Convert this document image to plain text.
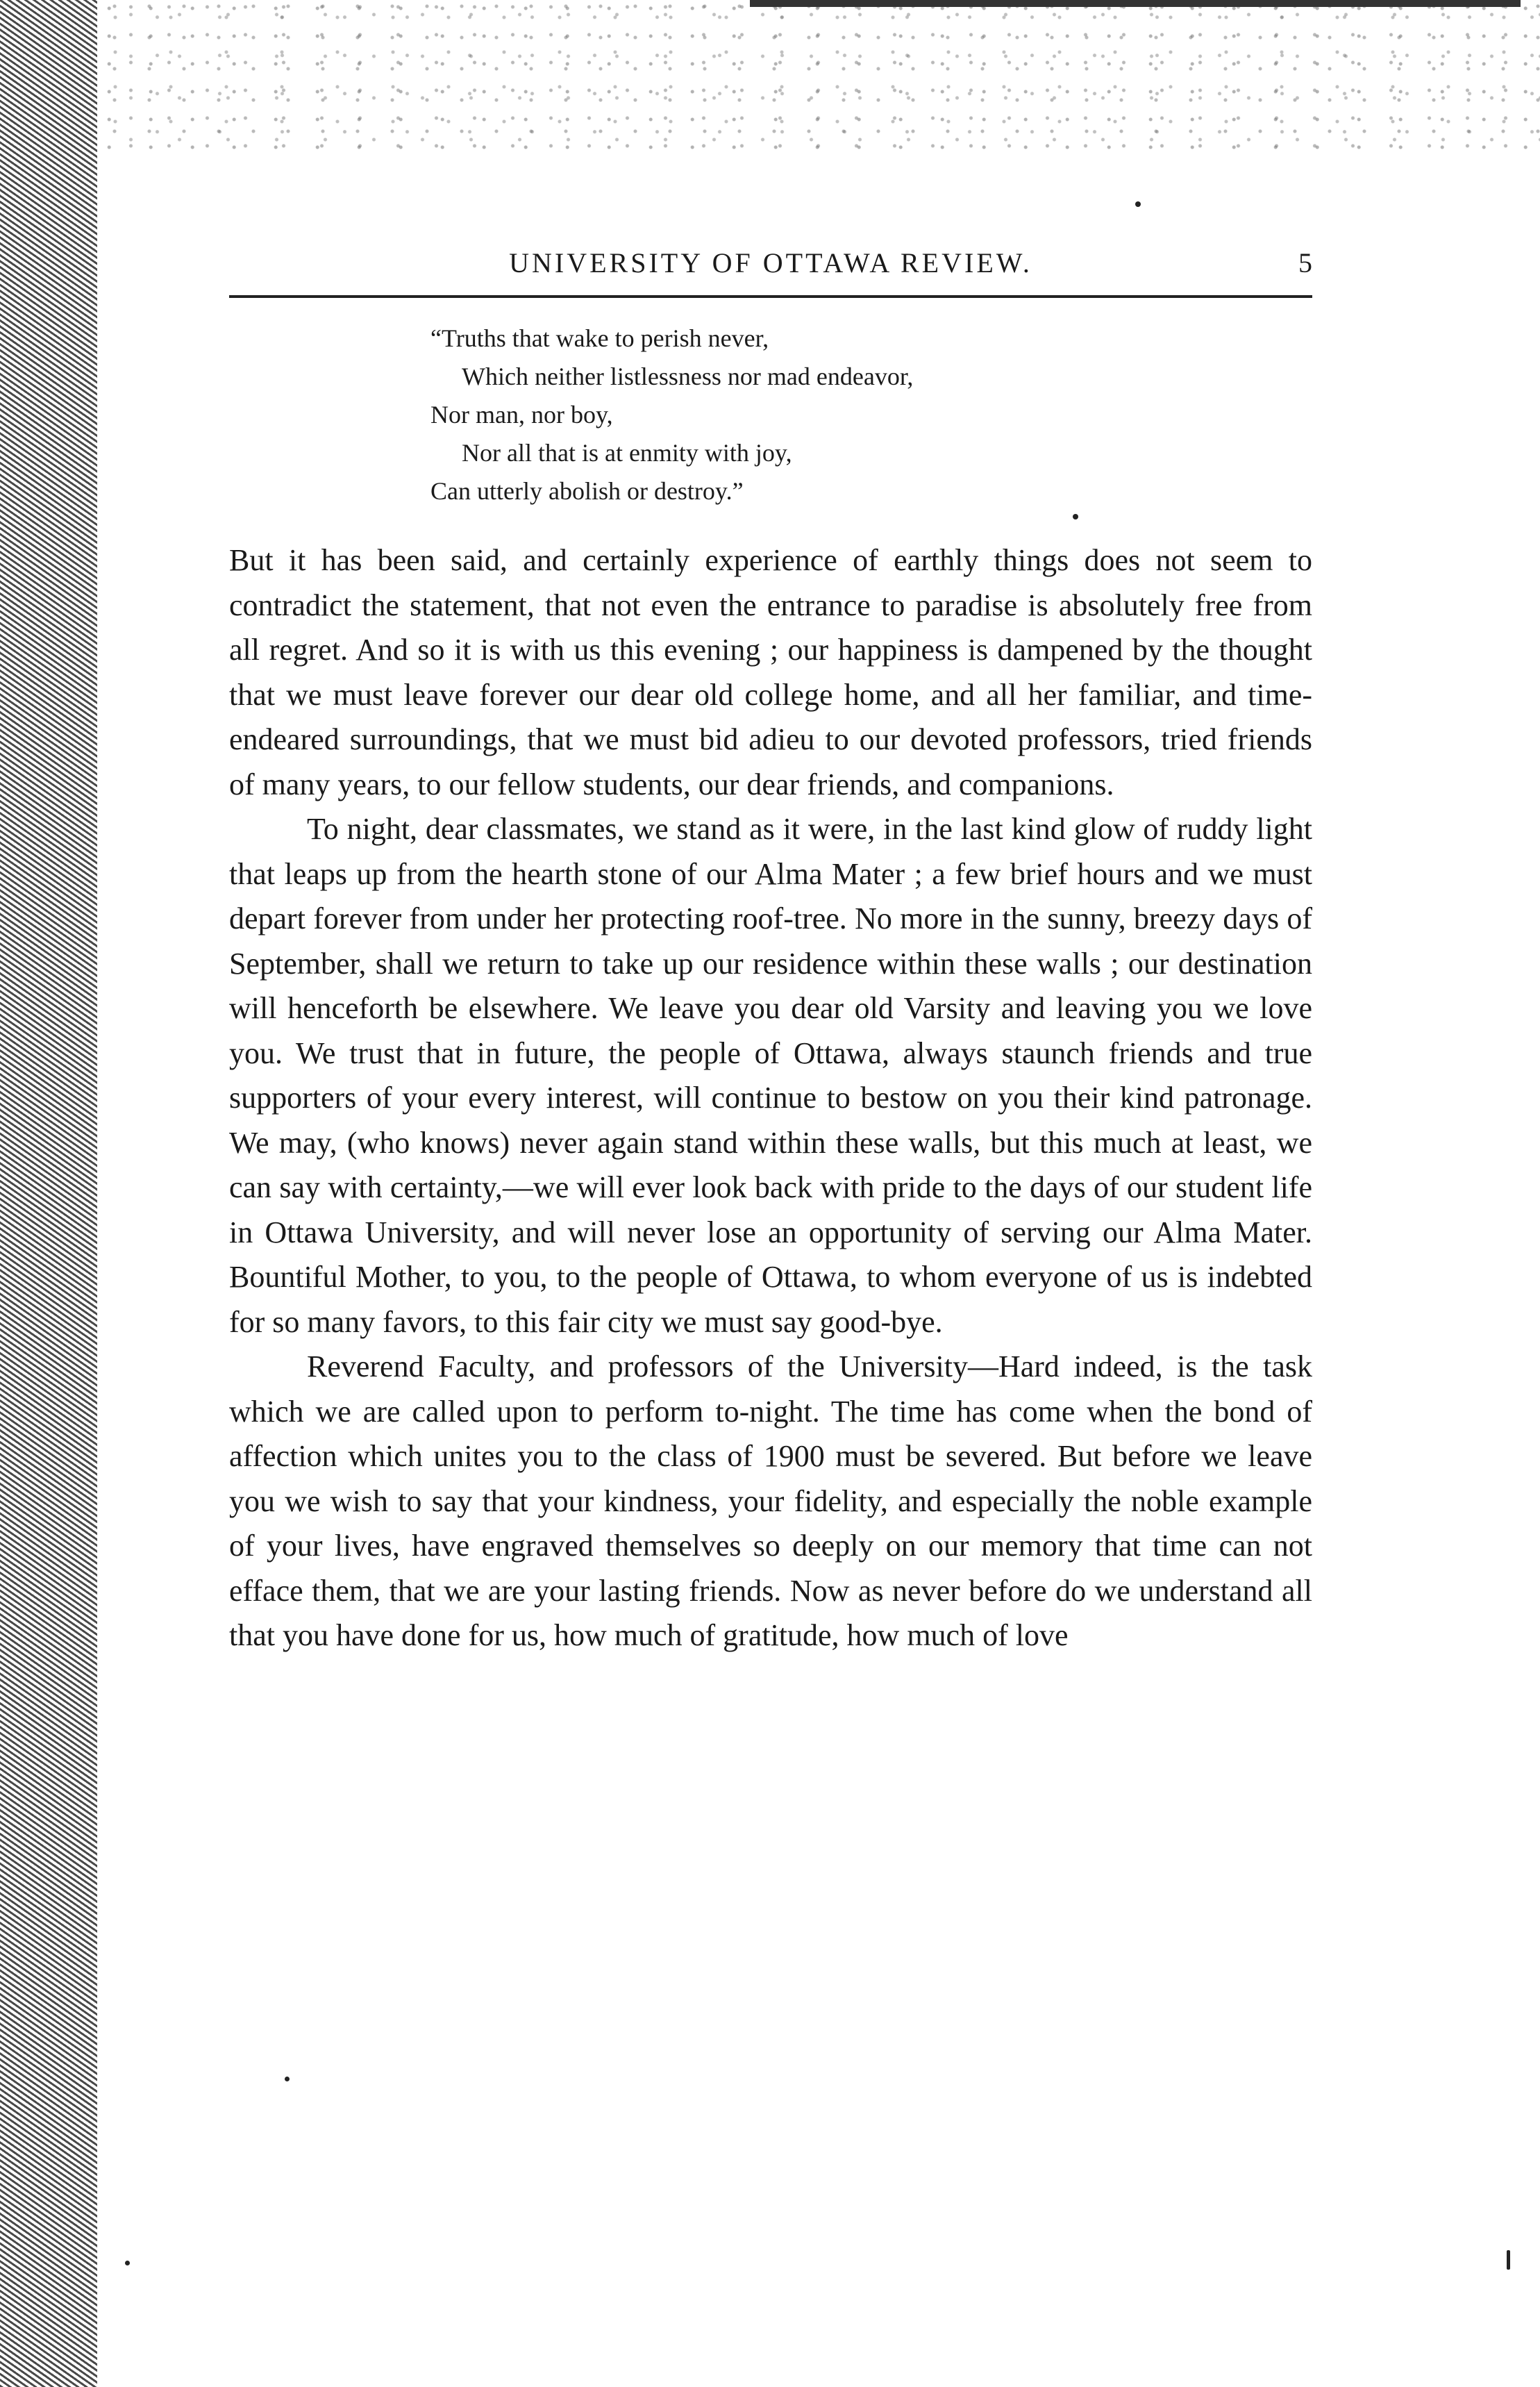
UNIVERSITY OF OTTAWA REVIEW.	5
“Truths that wake to perish never,
Which neither listlessness nor mad endeavor,
Nor man, nor boy,
Nor all that is at enmity with joy,
Can utterly abolish or destroy.”

But it has been said, and certainly experience of earthly things does not seem to contradict the statement, that not even the entrance to paradise is absolutely free from all regret. And so it is with us this evening ; our happiness is dampened by the thought that we must leave forever our dear old college home, and all her familiar, and time-endeared surroundings, that we must bid adieu to our devoted professors, tried friends of many years, to our fellow students, our dear friends, and companions.

To night, dear classmates, we stand as it were, in the last kind glow of ruddy light that leaps up from the hearth stone of our Alma Mater ; a few brief hours and we must depart forever from under her protecting roof-tree. No more in the sunny, breezy days of September, shall we return to take up our residence within these walls ; our destination will henceforth be elsewhere. We leave you dear old Varsity and leaving you we love you. We trust that in future, the people of Ottawa, always staunch friends and true supporters of your every interest, will continue to bestow on you their kind patronage. We may, (who knows) never again stand within these walls, but this much at least, we can say with certainty,—we will ever look back with pride to the days of our student life in Ottawa University, and will never lose an opportunity of serving our Alma Mater. Bountiful Mother, to you, to the people of Ottawa, to whom everyone of us is indebted for so many favors, to this fair city we must say good-bye.

Reverend Faculty, and professors of the University—Hard indeed, is the task which we are called upon to perform to-night. The time has come when the bond of affection which unites you to the class of 1900 must be severed. But before we leave you we wish to say that your kindness, your fidelity, and especially the noble example of your lives, have engraved themselves so deeply on our memory that time can not efface them, that we are your lasting friends. Now as never before do we understand all that you have done for us, how much of gratitude, how much of love
